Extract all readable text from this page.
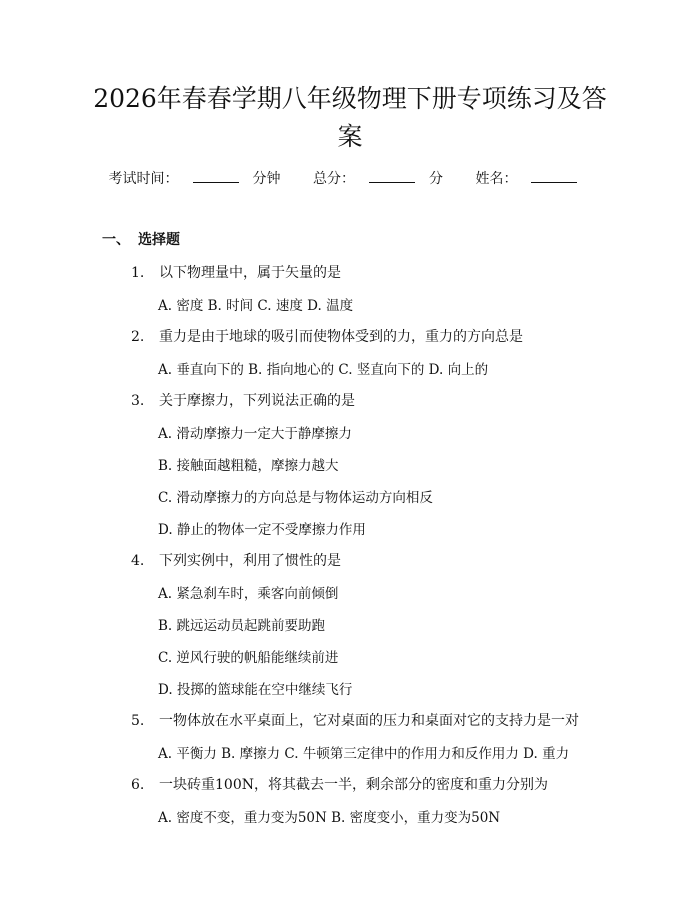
2026年春春学期八年级物理下册专项练习及答案
考试时间：	分钟 总分：	分 姓名：
一、 选择题
1. 以下物理量中，属于矢量的是
A. 密度 B. 时间 C. 速度 D. 温度
2. 重力是由于地球的吸引而使物体受到的力，重力的方向总是
A. 垂直向下的 B. 指向地心的 C. 竖直向下的 D. 向上的
3. 关于摩擦力，下列说法正确的是
A. 滑动摩擦力一定大于静摩擦力
B. 接触面越粗糙，摩擦力越大
C. 滑动摩擦力的方向总是与物体运动方向相反
D. 静止的物体一定不受摩擦力作用
4. 下列实例中，利用了惯性的是
A. 紧急刹车时，乘客向前倾倒
B. 跳远运动员起跳前要助跑
C. 逆风行驶的帆船能继续前进
D. 投掷的篮球能在空中继续飞行
5. 一物体放在水平桌面上，它对桌面的压力和桌面对它的支持力是一对
A. 平衡力 B. 摩擦力 C. 牛顿第三定律中的作用力和反作用力 D. 重力
6. 一块砖重100N，将其截去一半，剩余部分的密度和重力分别为
A. 密度不变，重力变为50N B. 密度变小，重力变为50N
